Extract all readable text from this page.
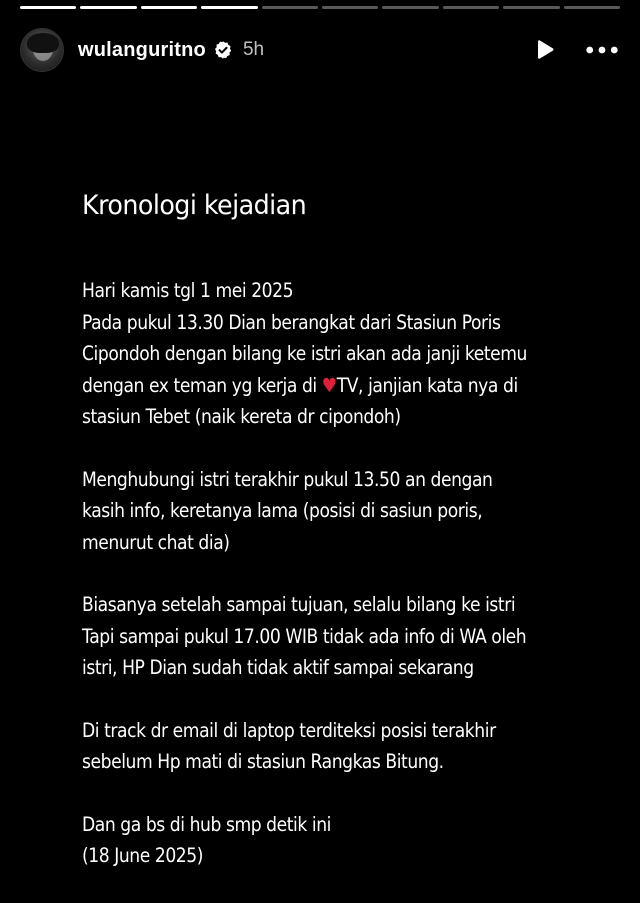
wulanguritno 5h
Kronologi kejadian
Hari kamis tgl 1 mei 2025
Pada pukul 13.30 Dian berangkat dari Stasiun Poris
Cipondoh dengan bilang ke istri akan ada janji ketemu
dengan ex teman yg kerja di ♥TV, janjian kata nya di
stasiun Tebet (naik kereta dr cipondoh)
Menghubungi istri terakhir pukul 13.50 an dengan
kasih info, keretanya lama (posisi di sasiun poris,
menurut chat dia)
Biasanya setelah sampai tujuan, selalu bilang ke istri
Tapi sampai pukul 17.00 WIB tidak ada info di WA oleh
istri, HP Dian sudah tidak aktif sampai sekarang
Di track dr email di laptop terditeksi posisi terakhir
sebelum Hp mati di stasiun Rangkas Bitung.
Dan ga bs di hub smp detik ini
(18 June 2025)
